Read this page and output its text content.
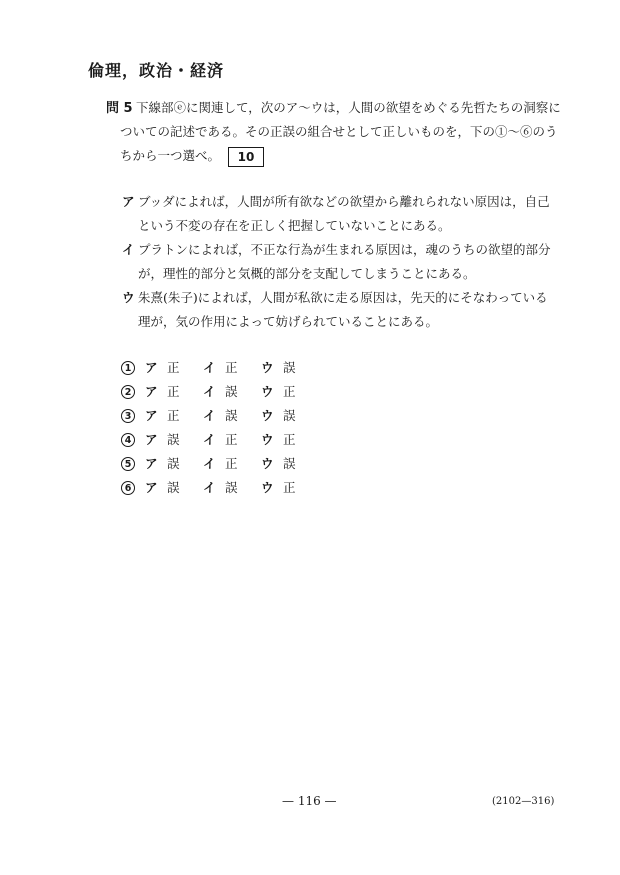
倫理，政治・経済
問 5 下線部ⓔに関連して，次のア～ウは，人間の欲望をめぐる先哲たちの洞察に

ついての記述である。その正誤の組合せとして正しいものを，下の①～⑥のう

ちから一つ選べ。 10

ア ブッダによれば，人間が所有欲などの欲望から離れられない原因は，自己

という不変の存在を正しく把握していないことにある。

イ プラトンによれば，不正な行為が生まれる原因は，魂のうちの欲望的部分

が，理性的部分と気概的部分を支配してしまうことにある。

ウ 朱熹(朱子)によれば，人間が私欲に走る原因は，先天的にそなわっている

理が，気の作用によって妨げられていることにある。

1 ア 正	イ 正	ウ 誤
2 ア 正	イ 誤	ウ 正
3 ア 正	イ 誤	ウ 誤
4 ア 誤	イ 正	ウ 正
5 ア 誤	イ 正	ウ 誤
6 ア 誤	イ 誤	ウ 正
— 116 —	(2102—316)
